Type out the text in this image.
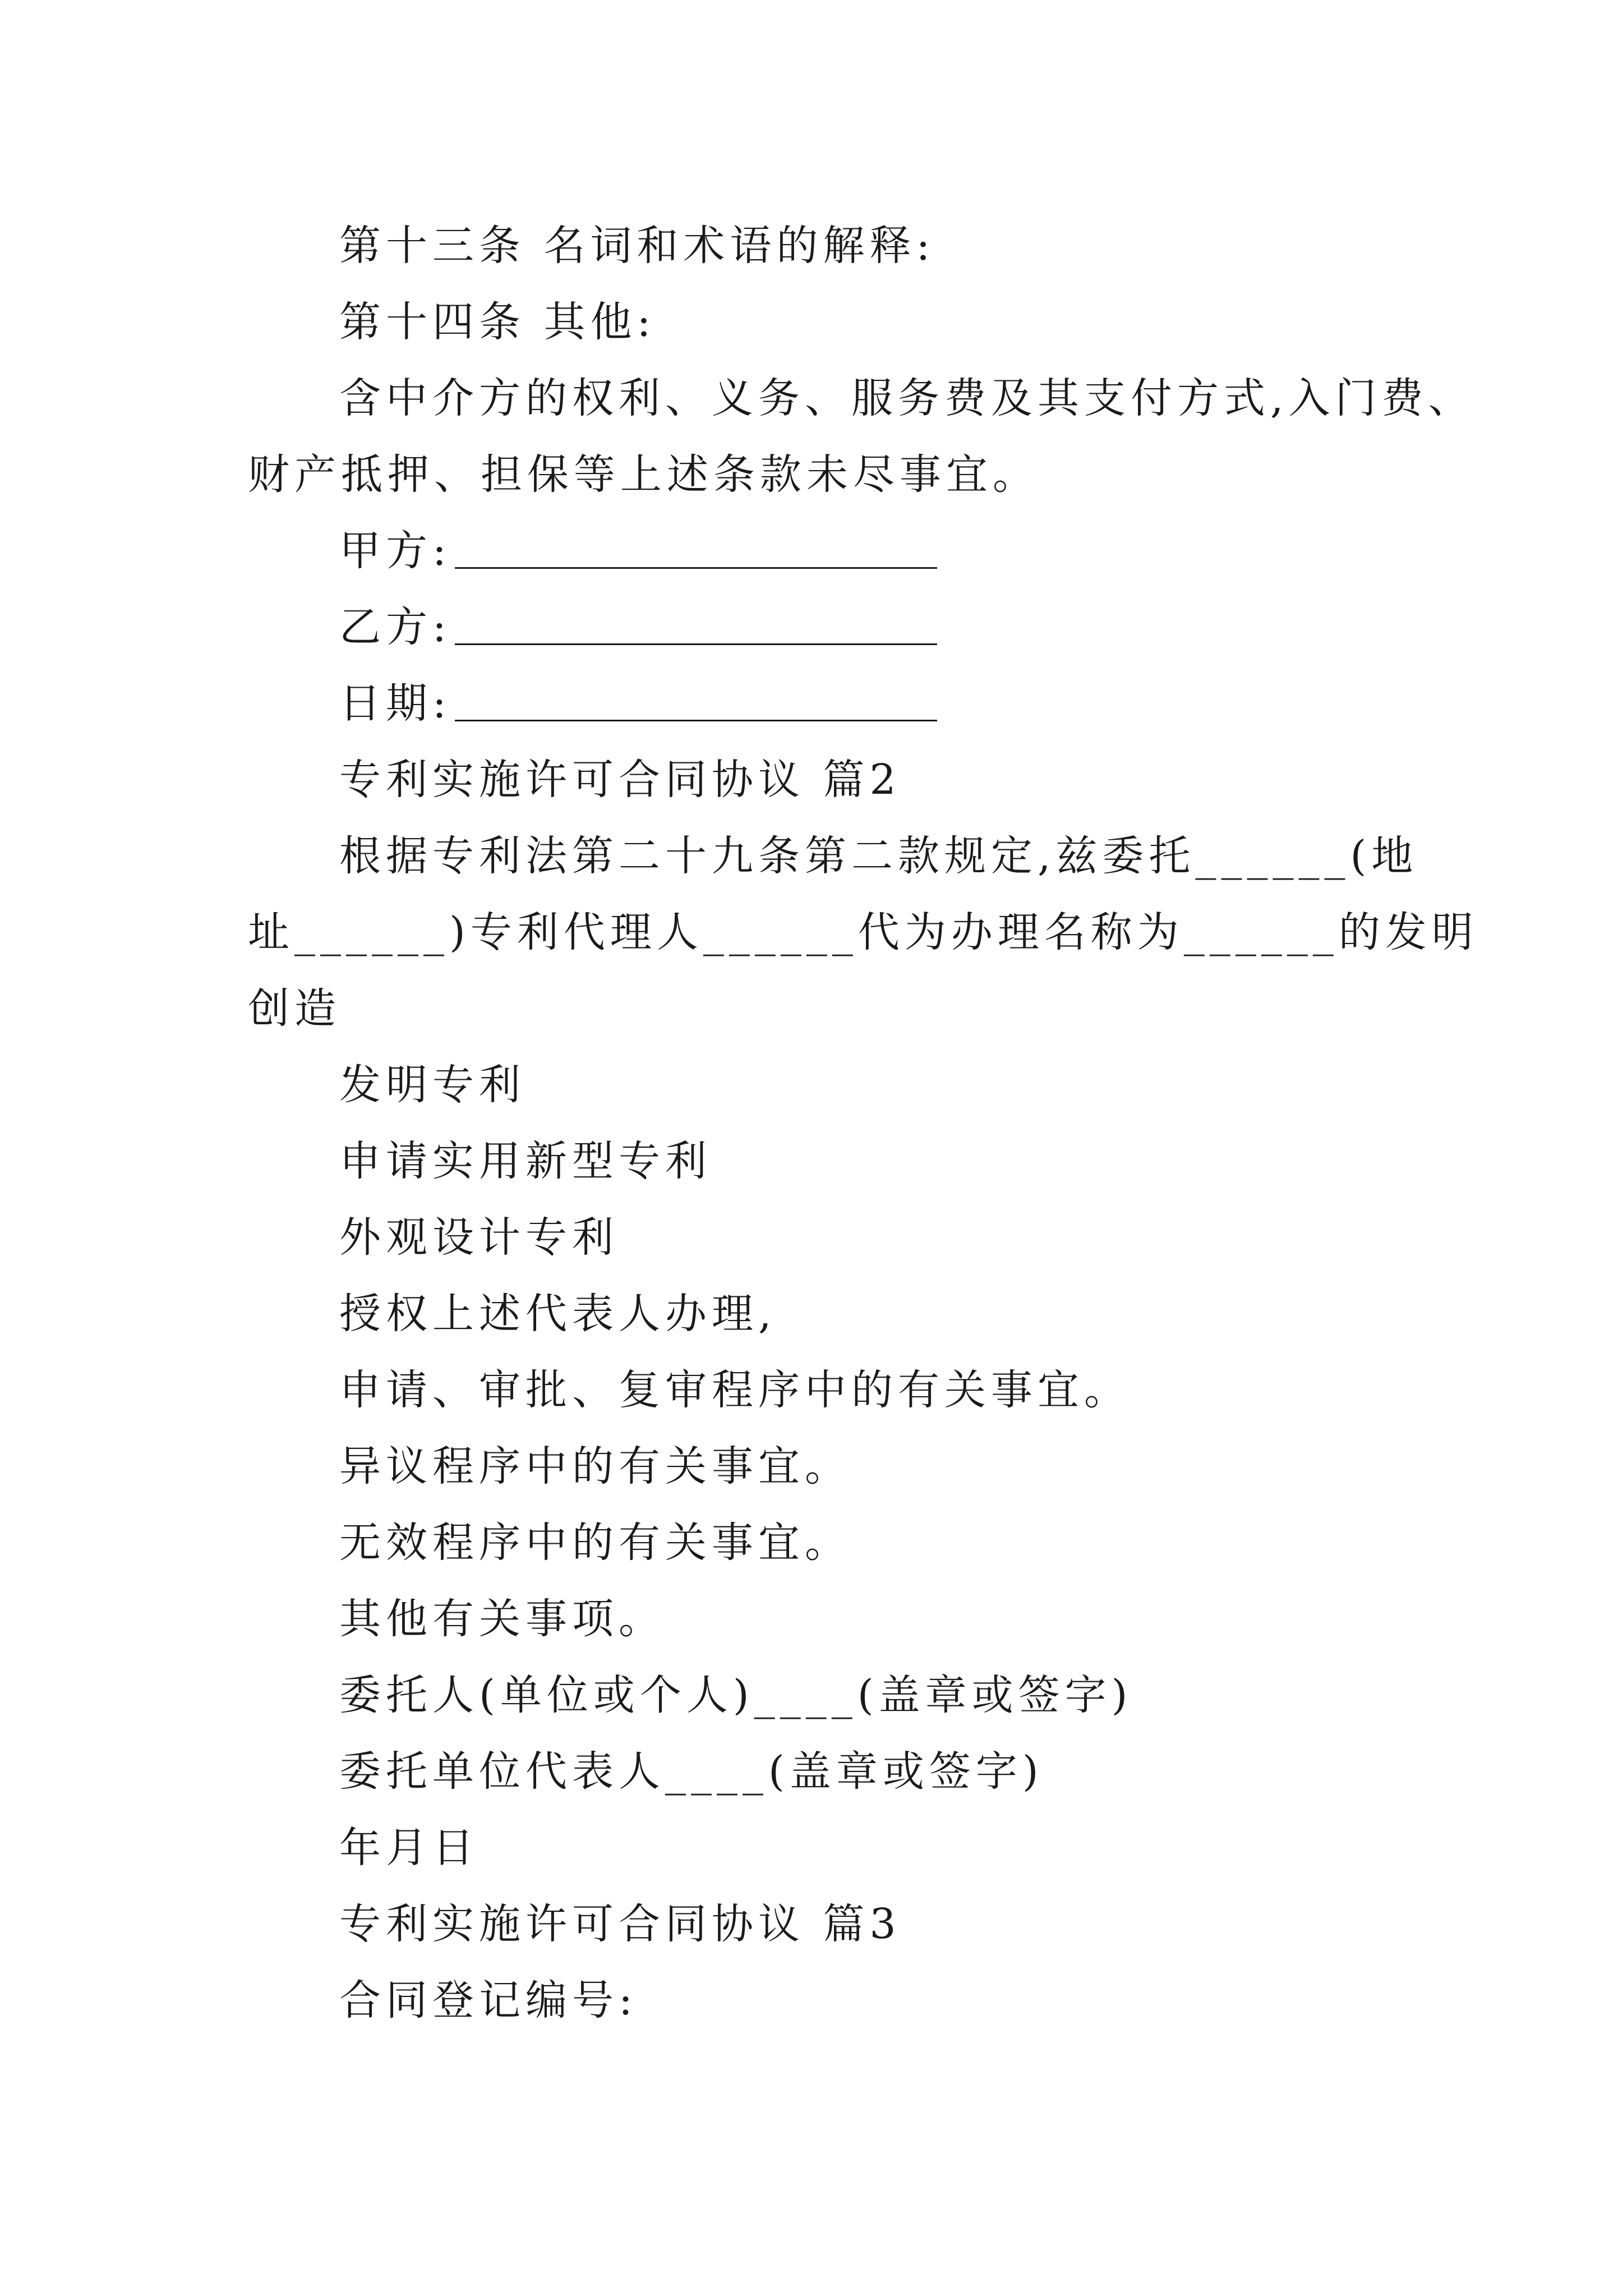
第十三条 名词和术语的解释:
第十四条 其他:
含中介方的权利、义务、服务费及其支付方式,入门费、
财产抵押、担保等上述条款未尽事宜。
甲方:
乙方:
日期:
专利实施许可合同协议 篇2
根据专利法第二十九条第二款规定,兹委托______(地
址______)专利代理人______代为办理名称为______的发明
创造
发明专利
申请实用新型专利
外观设计专利
授权上述代表人办理,
申请、审批、复审程序中的有关事宜。
异议程序中的有关事宜。
无效程序中的有关事宜。
其他有关事项。
委托人(单位或个人)____(盖章或签字)
委托单位代表人____(盖章或签字)
年月日
专利实施许可合同协议 篇3
合同登记编号:
